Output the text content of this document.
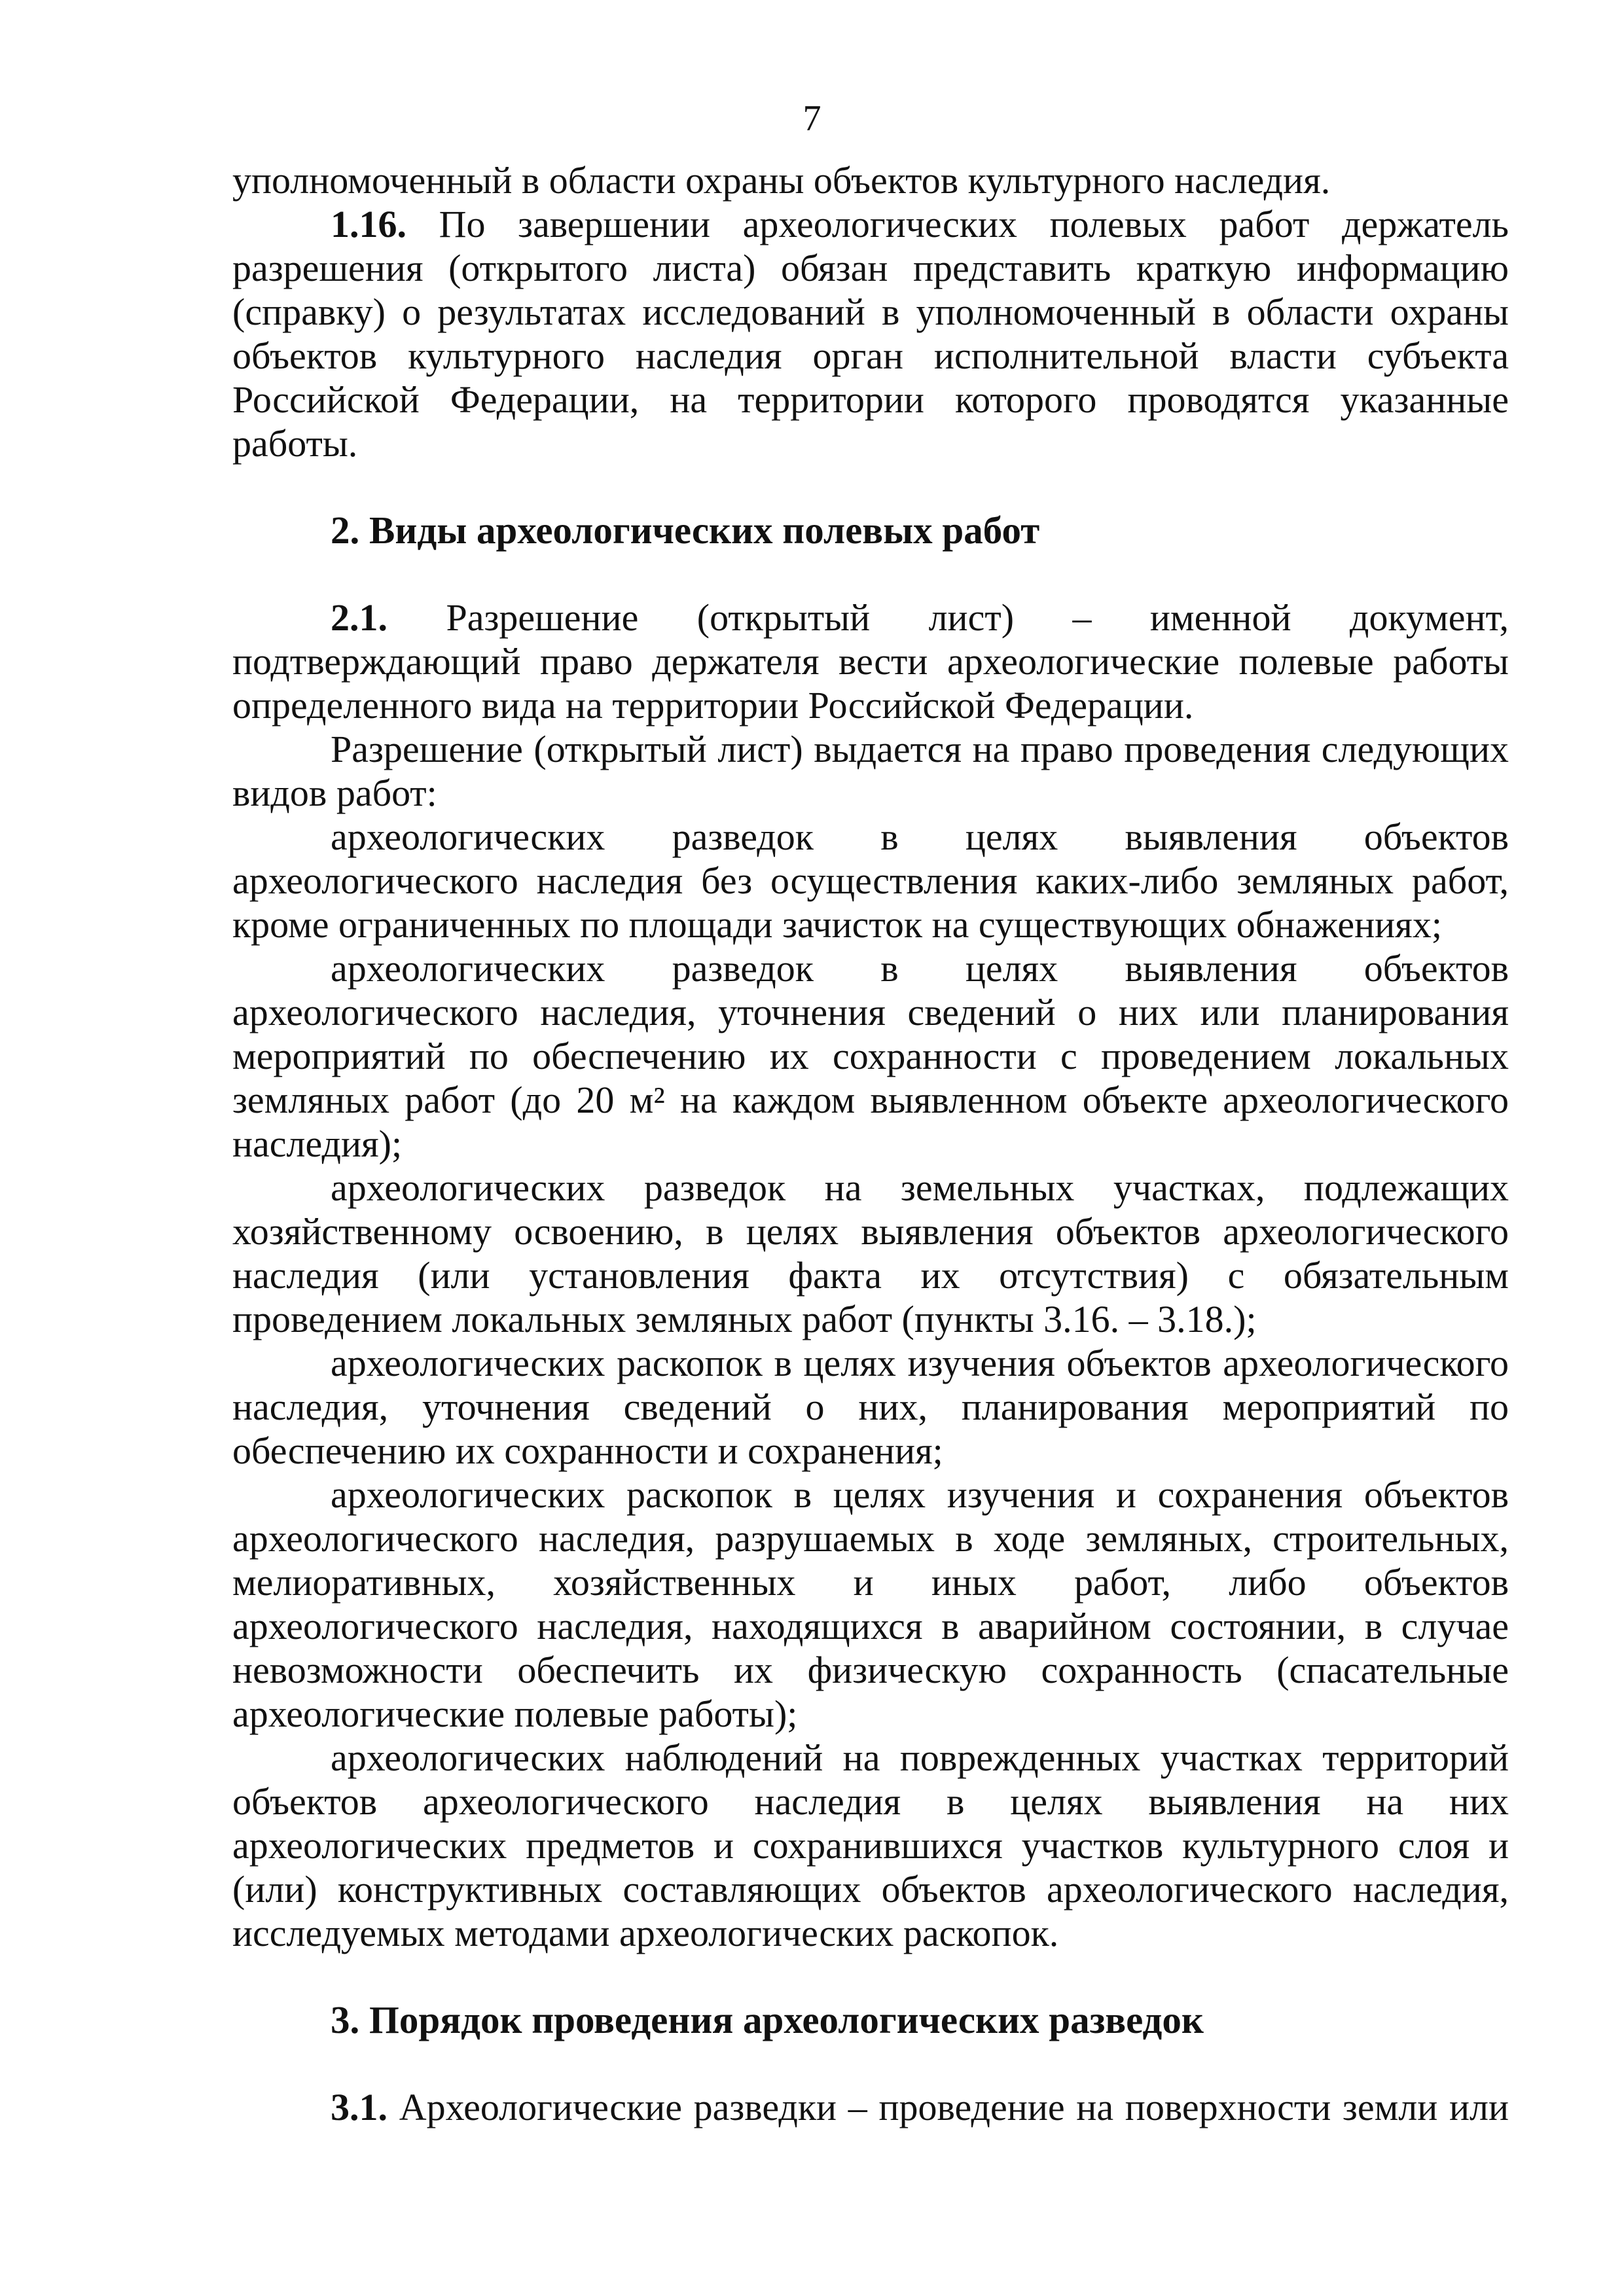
7

уполномоченный в области охраны объектов культурного наследия.

1.16. По завершении археологических полевых работ держатель разрешения (открытого листа) обязан представить краткую информацию (справку) о результатах исследований в уполномоченный в области охраны объектов культурного наследия орган исполнительной власти субъекта Российской Федерации, на территории которого проводятся указанные работы.

2. Виды археологических полевых работ

2.1. Разрешение (открытый лист) – именной документ, подтверждающий право держателя вести археологические полевые работы определенного вида на территории Российской Федерации.

Разрешение (открытый лист) выдается на право проведения следующих видов работ:

археологических разведок в целях выявления объектов археологического наследия без осуществления каких-либо земляных работ, кроме ограниченных по площади зачисток на существующих обнажениях;

археологических разведок в целях выявления объектов археологического наследия, уточнения сведений о них или планирования мероприятий по обеспечению их сохранности с проведением локальных земляных работ (до 20 м² на каждом выявленном объекте археологического наследия);

археологических разведок на земельных участках, подлежащих хозяйственному освоению, в целях выявления объектов археологического наследия (или установления факта их отсутствия) с обязательным проведением локальных земляных работ (пункты 3.16. – 3.18.);

археологических раскопок в целях изучения объектов археологического наследия, уточнения сведений о них, планирования мероприятий по обеспечению их сохранности и сохранения;

археологических раскопок в целях изучения и сохранения объектов археологического наследия, разрушаемых в ходе земляных, строительных, мелиоративных, хозяйственных и иных работ, либо объектов археологического наследия, находящихся в аварийном состоянии, в случае невозможности обеспечить их физическую сохранность (спасательные археологические полевые работы);

археологических наблюдений на поврежденных участках территорий объектов археологического наследия в целях выявления на них археологических предметов и сохранившихся участков культурного слоя и (или) конструктивных составляющих объектов археологического наследия, исследуемых методами археологических раскопок.

3. Порядок проведения археологических разведок

3.1. Археологические разведки – проведение на поверхности земли или
